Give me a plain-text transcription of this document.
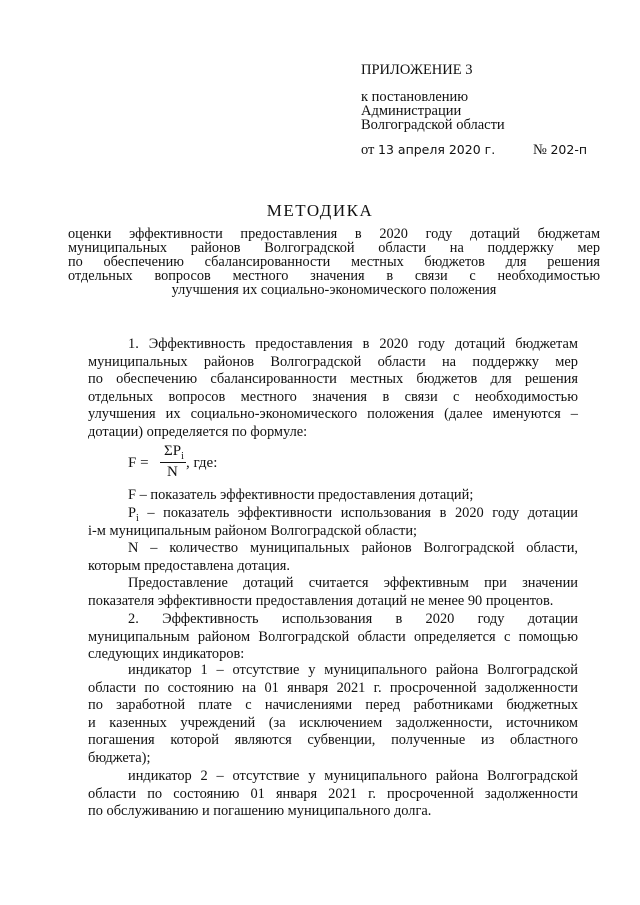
ПРИЛОЖЕНИЕ 3
к постановлению
Администрации
Волгоградской области
от 13 апреля 2020 г.	№ 202-п
МЕТОДИКА
оценки эффективности предоставления в 2020 году дотаций бюджетам
муниципальных районов Волгоградской области на поддержку мер
по обеспечению сбалансированности местных бюджетов для решения
отдельных вопросов местного значения в связи с необходимостью
улучшения их социально-экономического положения
1. Эффективность предоставления в 2020 году дотаций бюджетам
муниципальных районов Волгоградской области на поддержку мер
по обеспечению сбалансированности местных бюджетов для решения
отдельных вопросов местного значения в связи с необходимостью
улучшения их социально-экономического положения (далее именуются –
дотации) определяется по формуле:
F =
$\Sigma P_i$
N
, где:
F – показатель эффективности предоставления дотаций;
$P_i$ – показатель эффективности использования в 2020 году дотации
i-м муниципальным районом Волгоградской области;
N – количество муниципальных районов Волгоградской области,
которым предоставлена дотация.
Предоставление дотаций считается эффективным при значении
показателя эффективности предоставления дотаций не менее 90 процентов.
2. Эффективность использования в 2020 году дотации
муниципальным районом Волгоградской области определяется с помощью
следующих индикаторов:
индикатор 1 – отсутствие у муниципального района Волгоградской
области по состоянию на 01 января 2021 г. просроченной задолженности
по заработной плате с начислениями перед работниками бюджетных
и казенных учреждений (за исключением задолженности, источником
погашения которой являются субвенции, полученные из областного
бюджета);
индикатор 2 – отсутствие у муниципального района Волгоградской
области по состоянию 01 января 2021 г. просроченной задолженности
по обслуживанию и погашению муниципального долга.
